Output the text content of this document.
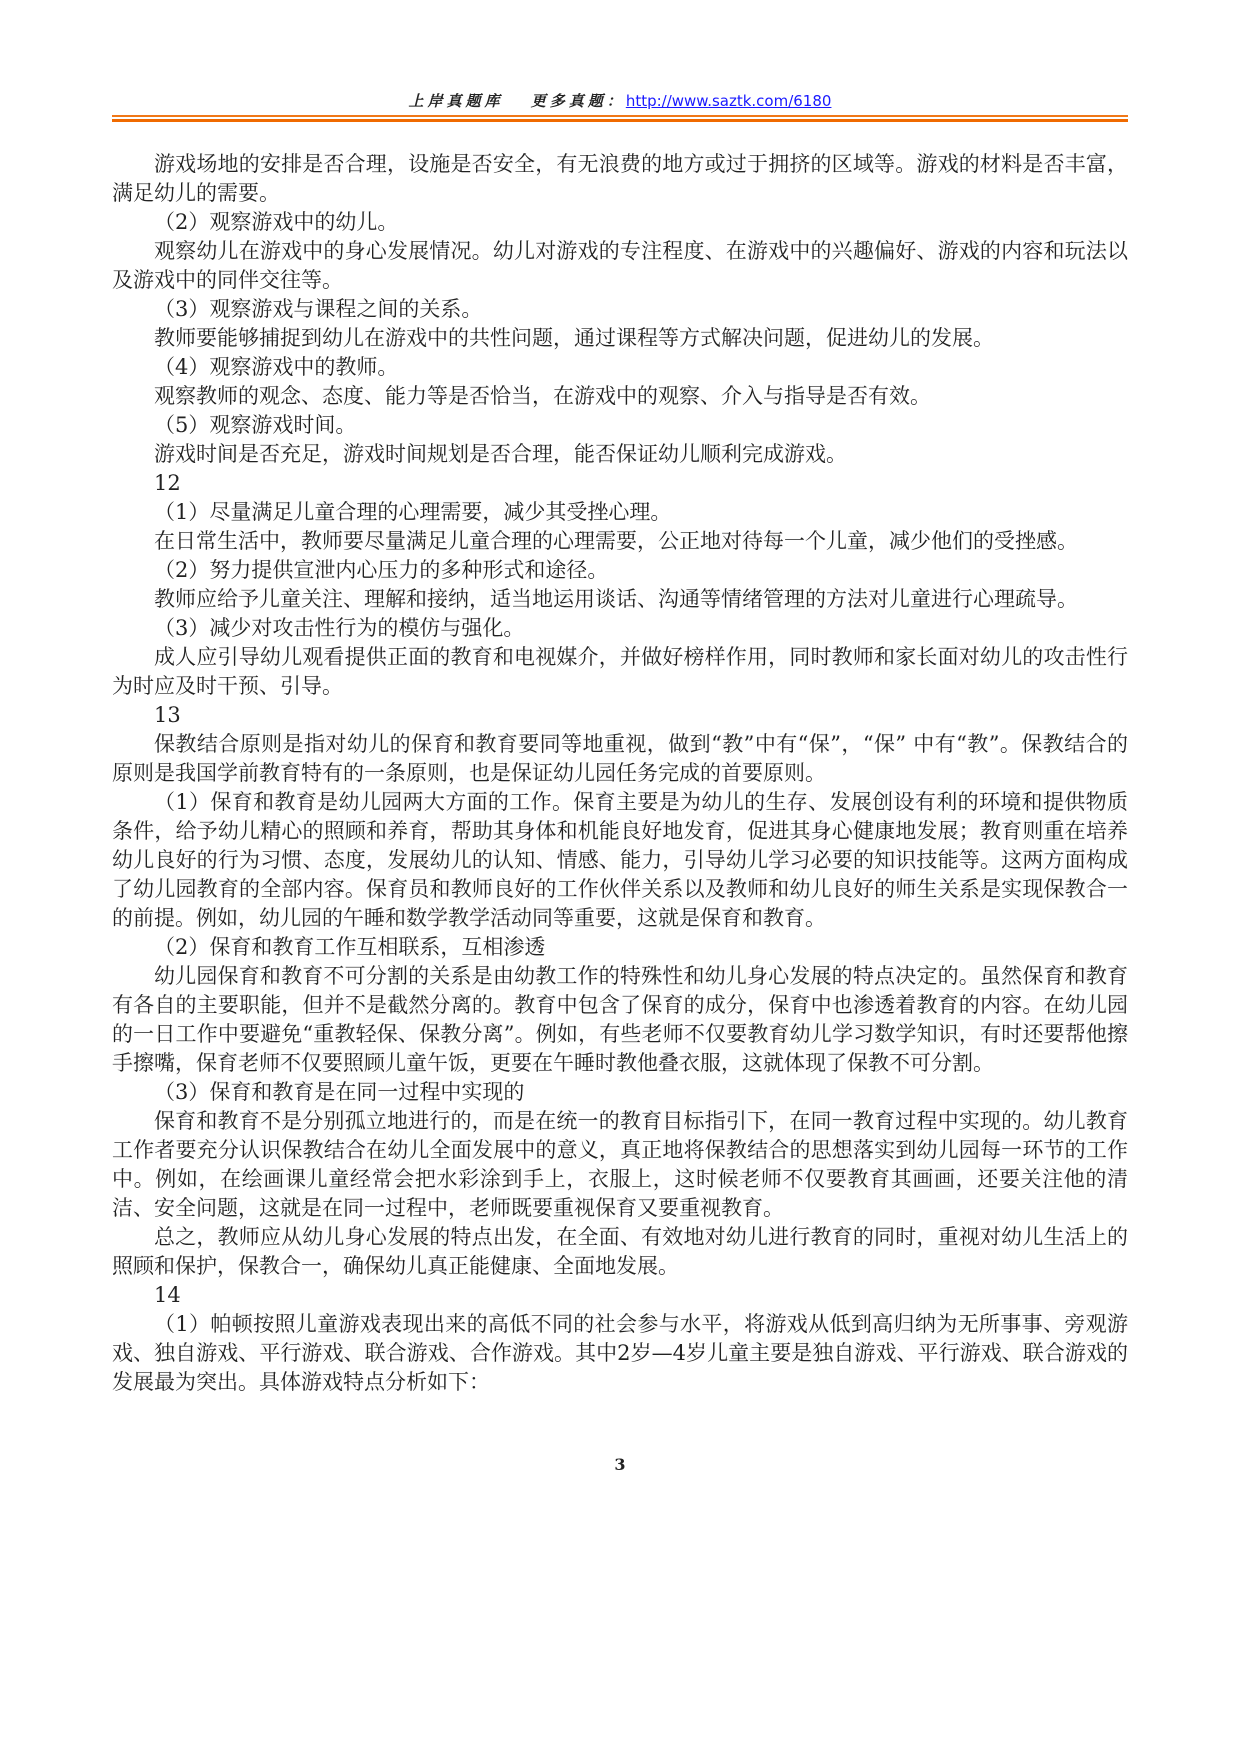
上岸真题库 更多真题：http://www.saztk.com/6180

游戏场地的安排是否合理，设施是否安全，有无浪费的地方或过于拥挤的区域等。游戏的材料是否丰富，满足幼儿的需要。

（2）观察游戏中的幼儿。

观察幼儿在游戏中的身心发展情况。幼儿对游戏的专注程度、在游戏中的兴趣偏好、游戏的内容和玩法以及游戏中的同伴交往等。

（3）观察游戏与课程之间的关系。

教师要能够捕捉到幼儿在游戏中的共性问题，通过课程等方式解决问题，促进幼儿的发展。

（4）观察游戏中的教师。

观察教师的观念、态度、能力等是否恰当，在游戏中的观察、介入与指导是否有效。

（5）观察游戏时间。

游戏时间是否充足，游戏时间规划是否合理，能否保证幼儿顺利完成游戏。

12

（1）尽量满足儿童合理的心理需要，减少其受挫心理。

在日常生活中，教师要尽量满足儿童合理的心理需要，公正地对待每一个儿童，减少他们的受挫感。

（2）努力提供宣泄内心压力的多种形式和途径。

教师应给予儿童关注、理解和接纳，适当地运用谈话、沟通等情绪管理的方法对儿童进行心理疏导。

（3）减少对攻击性行为的模仿与强化。

成人应引导幼儿观看提供正面的教育和电视媒介，并做好榜样作用，同时教师和家长面对幼儿的攻击性行为时应及时干预、引导。

13

保教结合原则是指对幼儿的保育和教育要同等地重视，做到“教”中有“保”，“保” 中有“教”。保教结合的原则是我国学前教育特有的一条原则，也是保证幼儿园任务完成的首要原则。

（1）保育和教育是幼儿园两大方面的工作。保育主要是为幼儿的生存、发展创设有利的环境和提供物质条件，给予幼儿精心的照顾和养育，帮助其身体和机能良好地发育，促进其身心健康地发展；教育则重在培养幼儿良好的行为习惯、态度，发展幼儿的认知、情感、能力，引导幼儿学习必要的知识技能等。这两方面构成了幼儿园教育的全部内容。保育员和教师良好的工作伙伴关系以及教师和幼儿良好的师生关系是实现保教合一的前提。例如，幼儿园的午睡和数学教学活动同等重要，这就是保育和教育。

（2）保育和教育工作互相联系，互相渗透

幼儿园保育和教育不可分割的关系是由幼教工作的特殊性和幼儿身心发展的特点决定的。虽然保育和教育有各自的主要职能，但并不是截然分离的。教育中包含了保育的成分，保育中也渗透着教育的内容。在幼儿园的一日工作中要避免“重教轻保、保教分离”。例如，有些老师不仅要教育幼儿学习数学知识，有时还要帮他擦手擦嘴，保育老师不仅要照顾儿童午饭，更要在午睡时教他叠衣服，这就体现了保教不可分割。

（3）保育和教育是在同一过程中实现的

保育和教育不是分别孤立地进行的，而是在统一的教育目标指引下，在同一教育过程中实现的。幼儿教育工作者要充分认识保教结合在幼儿全面发展中的意义，真正地将保教结合的思想落实到幼儿园每一环节的工作中。例如，在绘画课儿童经常会把水彩涂到手上，衣服上，这时候老师不仅要教育其画画，还要关注他的清洁、安全问题，这就是在同一过程中，老师既要重视保育又要重视教育。

总之，教师应从幼儿身心发展的特点出发，在全面、有效地对幼儿进行教育的同时，重视对幼儿生活上的照顾和保护，保教合一，确保幼儿真正能健康、全面地发展。

14

（1）帕顿按照儿童游戏表现出来的高低不同的社会参与水平，将游戏从低到高归纳为无所事事、旁观游戏、独自游戏、平行游戏、联合游戏、合作游戏。其中2岁—4岁儿童主要是独自游戏、平行游戏、联合游戏的发展最为突出。具体游戏特点分析如下：

3
